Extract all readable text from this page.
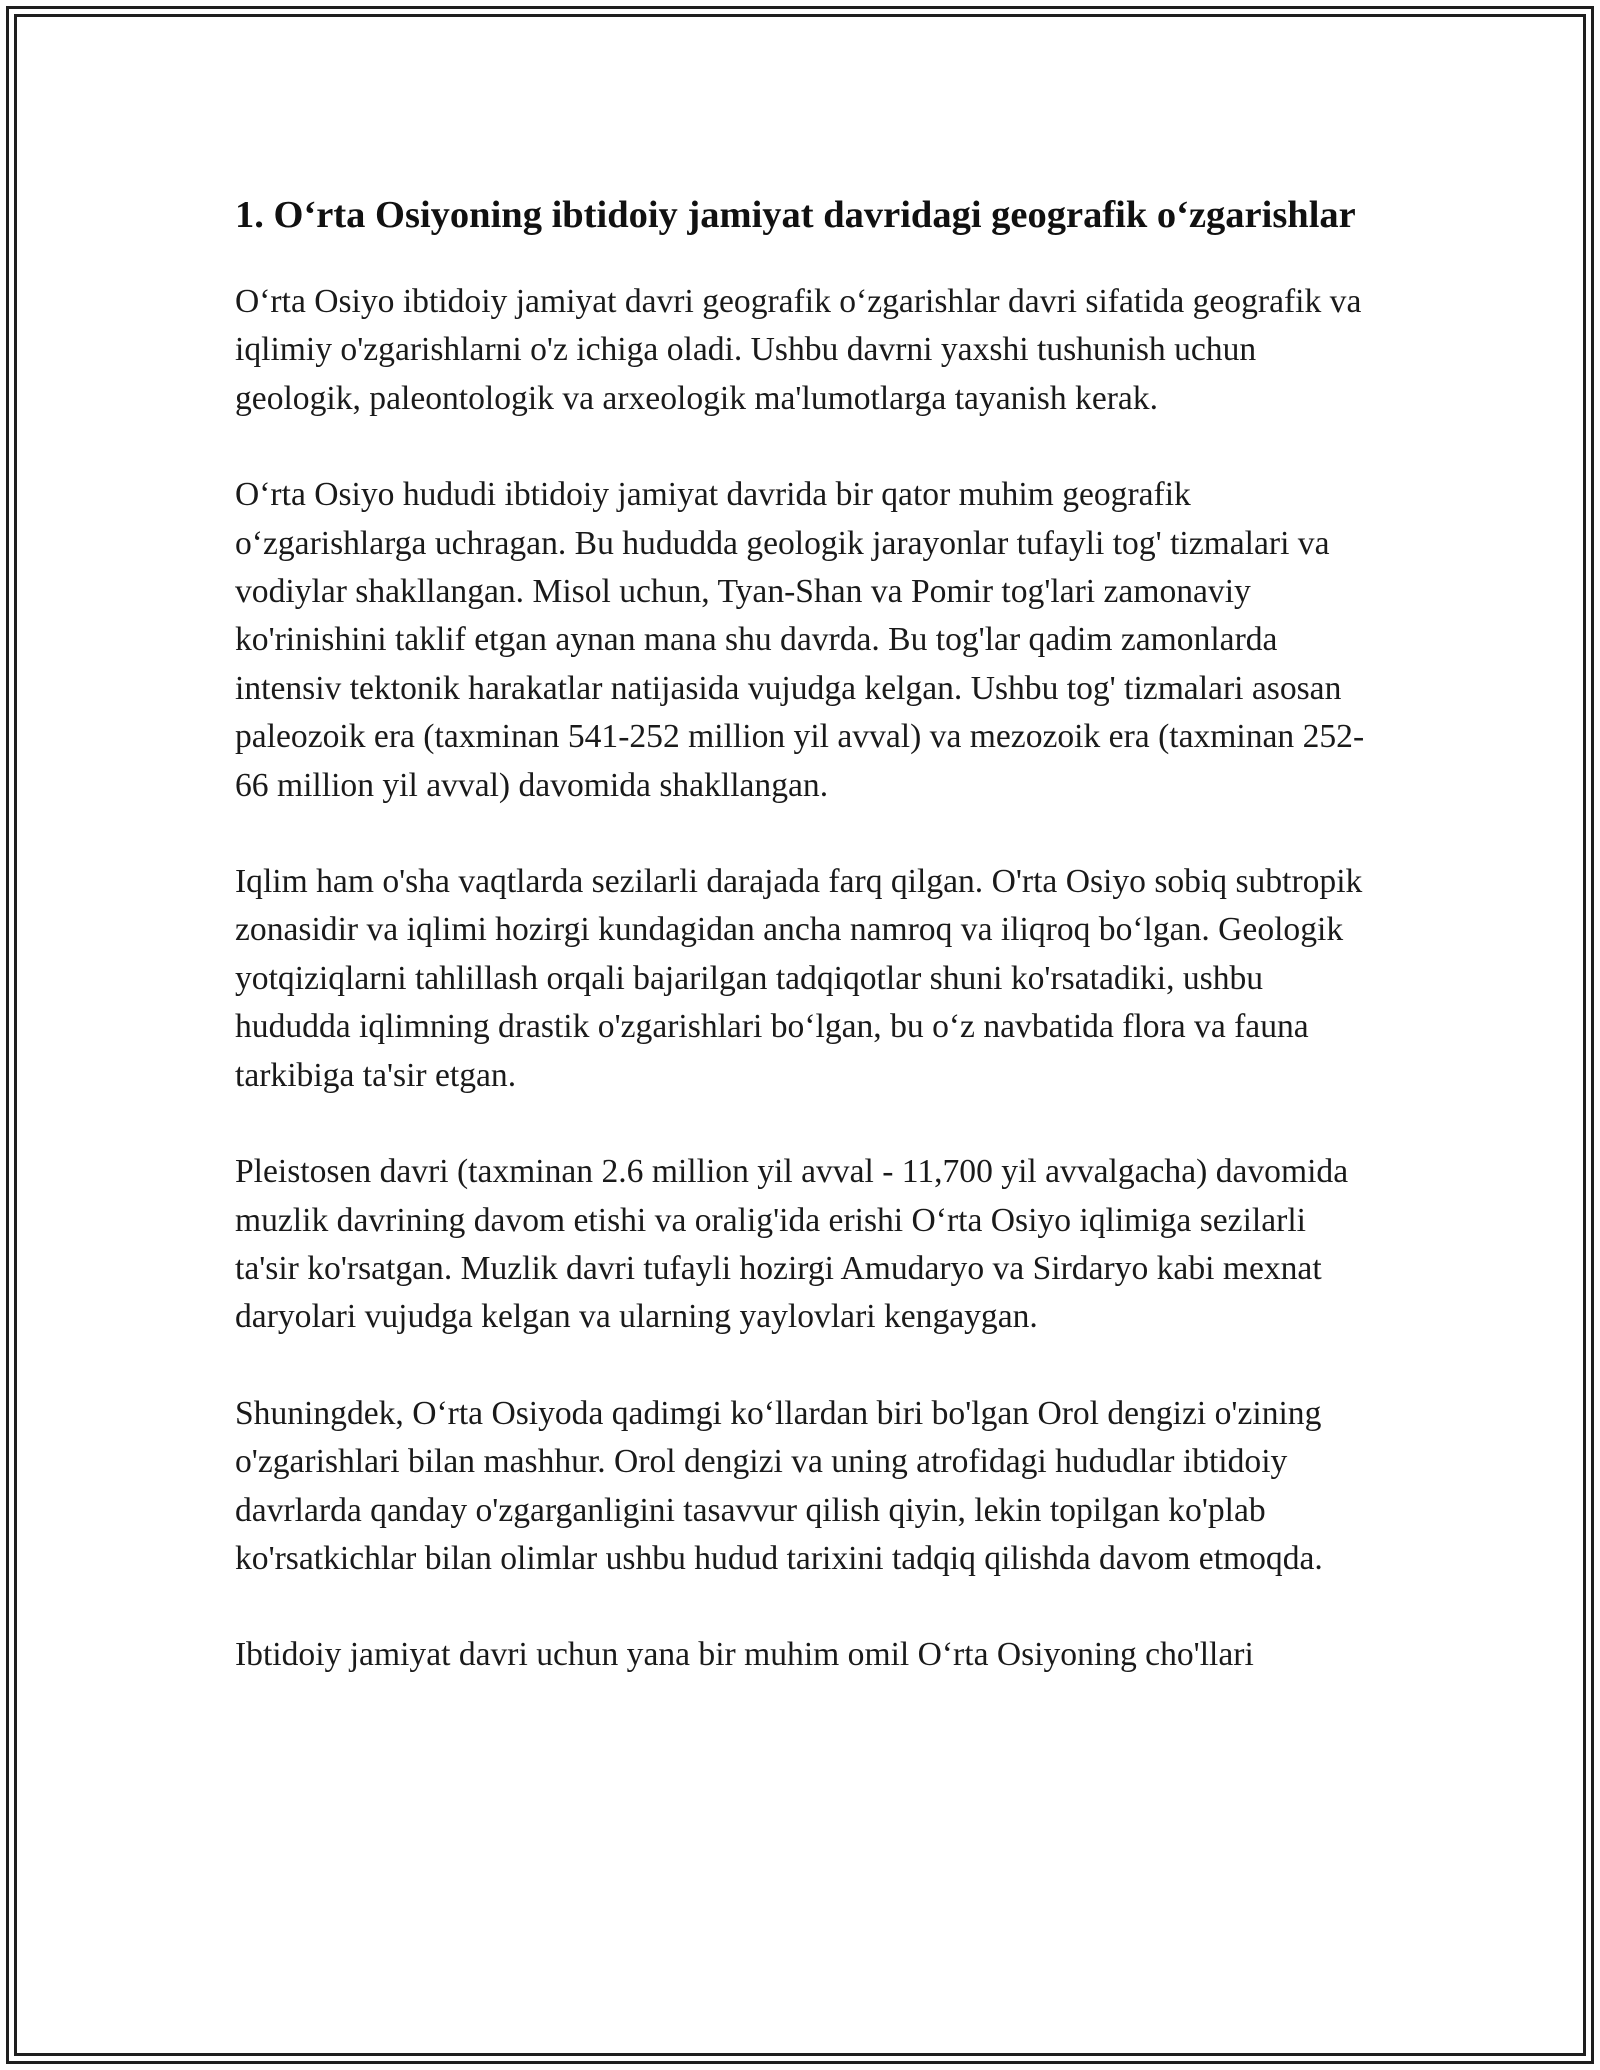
1. O‘rta Osiyoning ibtidoiy jamiyat davridagi geografik o‘zgarishlar

O‘rta Osiyo ibtidoiy jamiyat davri geografik o‘zgarishlar davri sifatida geografik va iqlimiy o'zgarishlarni o'z ichiga oladi. Ushbu davrni yaxshi tushunish uchun geologik, paleontologik va arxeologik ma'lumotlarga tayanish kerak.

O‘rta Osiyo hududi ibtidoiy jamiyat davrida bir qator muhim geografik o‘zgarishlarga uchragan. Bu hududda geologik jarayonlar tufayli tog' tizmalari va vodiylar shakllangan. Misol uchun, Tyan-Shan va Pomir tog'lari zamonaviy ko'rinishini taklif etgan aynan mana shu davrda. Bu tog'lar qadim zamonlarda intensiv tektonik harakatlar natijasida vujudga kelgan. Ushbu tog' tizmalari asosan paleozoik era (taxminan 541-252 million yil avval) va mezozoik era (taxminan 252-66 million yil avval) davomida shakllangan.

Iqlim ham o'sha vaqtlarda sezilarli darajada farq qilgan. O'rta Osiyo sobiq subtropik zonasidir va iqlimi hozirgi kundagidan ancha namroq va iliqroq bo‘lgan. Geologik yotqiziqlarni tahlillash orqali bajarilgan tadqiqotlar shuni ko'rsatadiki, ushbu hududda iqlimning drastik o'zgarishlari bo‘lgan, bu o‘z navbatida flora va fauna tarkibiga ta'sir etgan.

Pleistosen davri (taxminan 2.6 million yil avval - 11,700 yil avvalgacha) davomida muzlik davrining davom etishi va oralig'ida erishi O‘rta Osiyo iqlimiga sezilarli ta'sir ko'rsatgan. Muzlik davri tufayli hozirgi Amudaryo va Sirdaryo kabi mexnat daryolari vujudga kelgan va ularning yaylovlari kengaygan.

Shuningdek, O‘rta Osiyoda qadimgi ko‘llardan biri bo'lgan Orol dengizi o'zining o'zgarishlari bilan mashhur. Orol dengizi va uning atrofidagi hududlar ibtidoiy davrlarda qanday o'zgarganligini tasavvur qilish qiyin, lekin topilgan ko'plab ko'rsatkichlar bilan olimlar ushbu hudud tarixini tadqiq qilishda davom etmoqda.

Ibtidoiy jamiyat davri uchun yana bir muhim omil O‘rta Osiyoning cho'llari
